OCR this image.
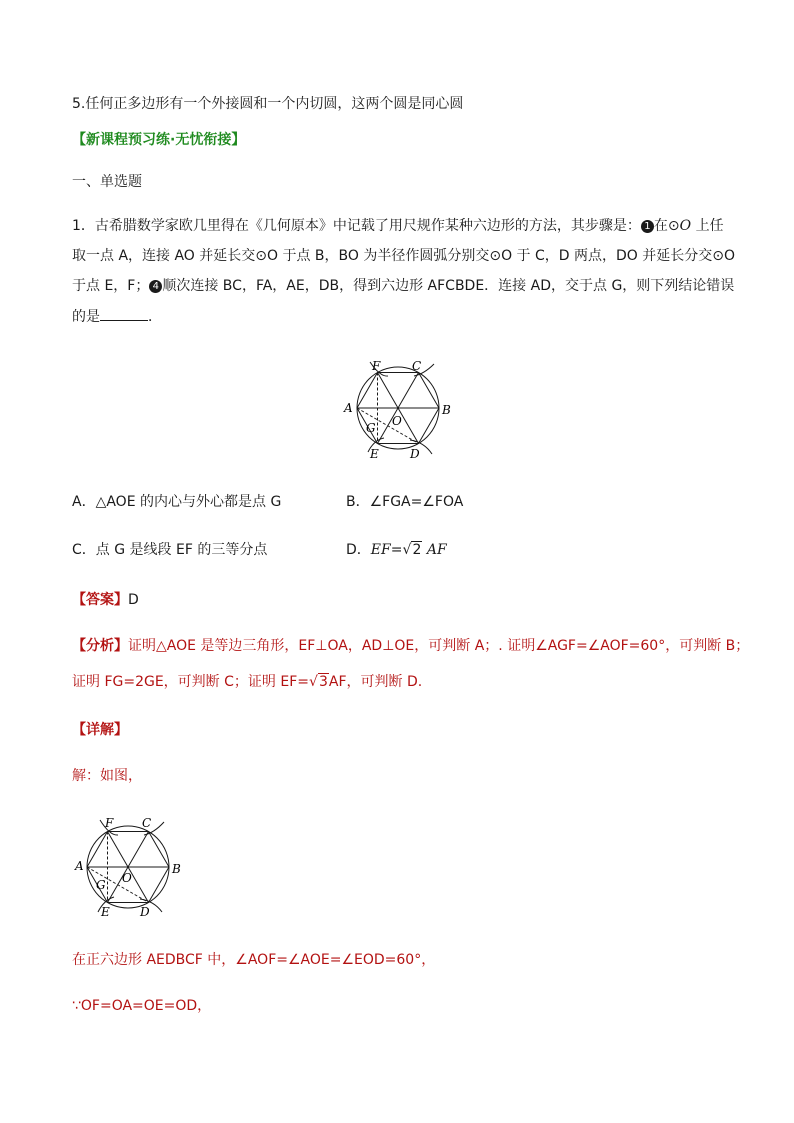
5.任何正多边形有一个外接圆和一个内切圆，这两个圆是同心圆
【新课程预习练·无忧衔接】
一、单选题
1．古希腊数学家欧几里得在《几何原本》中记载了用尺规作某种六边形的方法，其步骤是： 1 在⊙O 上任
取一点 A，连接 AO 并延长交⊙O 于点 B，BO 为半径作圆弧分别交⊙O 于 C，D 两点，DO 并延长分交⊙O
于点 E，F； 4 顺次连接 BC，FA，AE，DB，得到六边形 AFCBDE．连接 AD，交于点 G，则下列结论错误
的是	．
F	C
A	B
O
G
E	D
A．△AOE 的内心与外心都是点 G	B．∠FGA=∠FOA
C．点 G 是线段 EF 的三等分点	D．EF= √ 2 AF
【答案】D
【分析】证明△AOE 是等边三角形，EF⊥OA，AD⊥OE，可判断 A；. 证明∠AGF=∠AOF=60°，可判断 B；
证明 FG=2GE，可判断 C；证明 EF= √ 3AF，可判断 D.
【详解】
解：如图，
F C
A	B
O
G
E	D
在正六边形 AEDBCF 中，∠AOF=∠AOE=∠EOD=60°，
∵OF=OA=OE=OD，
